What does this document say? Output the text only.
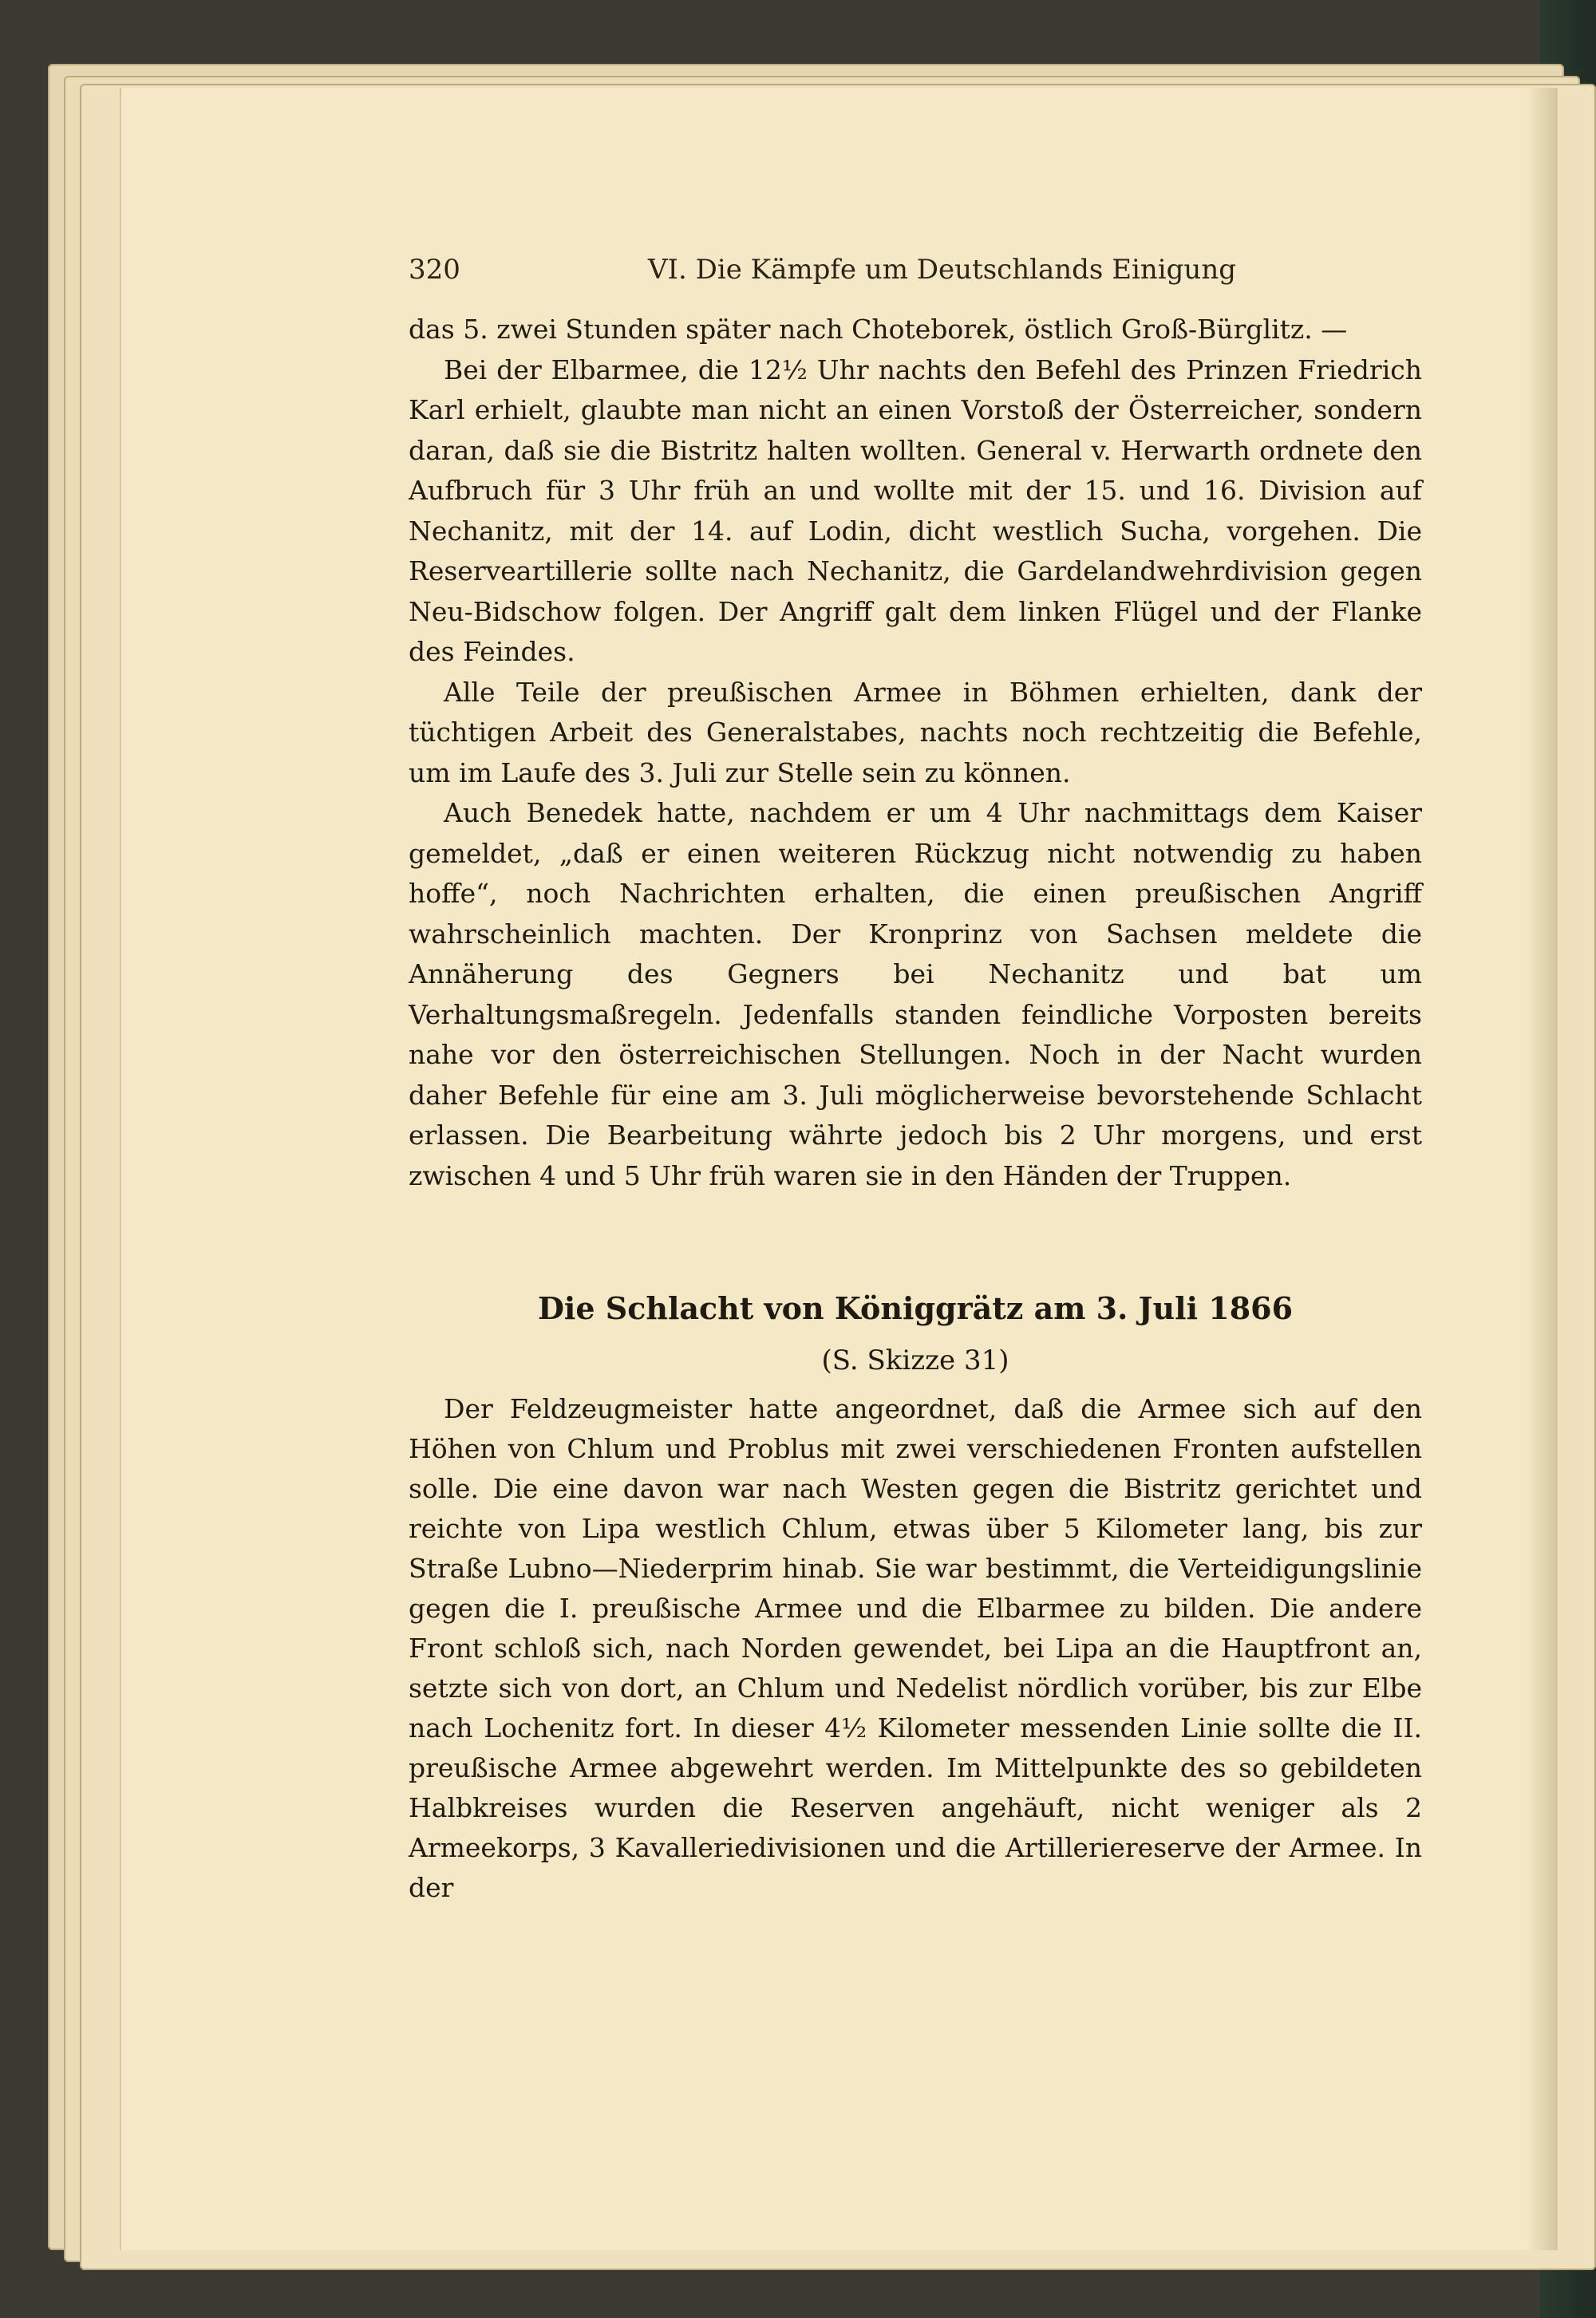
320	VI. Die Kämpfe um Deutschlands Einigung

das 5. zwei Stunden später nach Choteborek, östlich Groß-Bürglitz. —

Bei der Elbarmee, die 12½ Uhr nachts den Befehl des Prinzen Friedrich Karl erhielt, glaubte man nicht an einen Vorstoß der Österreicher, sondern daran, daß sie die Bistritz halten wollten. General v. Herwarth ordnete den Aufbruch für 3 Uhr früh an und wollte mit der 15. und 16. Division auf Nechanitz, mit der 14. auf Lodin, dicht westlich Sucha, vorgehen. Die Reserveartillerie sollte nach Nechanitz, die Gardelandwehrdivision gegen Neu-Bidschow folgen. Der Angriff galt dem linken Flügel und der Flanke des Feindes.

Alle Teile der preußischen Armee in Böhmen erhielten, dank der tüchtigen Arbeit des Generalstabes, nachts noch rechtzeitig die Befehle, um im Laufe des 3. Juli zur Stelle sein zu können.

Auch Benedek hatte, nachdem er um 4 Uhr nachmittags dem Kaiser gemeldet, „daß er einen weiteren Rückzug nicht notwendig zu haben hoffe“, noch Nachrichten erhalten, die einen preußischen Angriff wahrscheinlich machten. Der Kronprinz von Sachsen meldete die Annäherung des Gegners bei Nechanitz und bat um Verhaltungsmaßregeln. Jedenfalls standen feindliche Vorposten bereits nahe vor den österreichischen Stellungen. Noch in der Nacht wurden daher Befehle für eine am 3. Juli möglicherweise bevorstehende Schlacht erlassen. Die Bearbeitung währte jedoch bis 2 Uhr morgens, und erst zwischen 4 und 5 Uhr früh waren sie in den Händen der Truppen.

Die Schlacht von Königgrätz am 3. Juli 1866

(S. Skizze 31)

Der Feldzeugmeister hatte angeordnet, daß die Armee sich auf den Höhen von Chlum und Problus mit zwei verschiedenen Fronten aufstellen solle. Die eine davon war nach Westen gegen die Bistritz gerichtet und reichte von Lipa westlich Chlum, etwas über 5 Kilometer lang, bis zur Straße Lubno—Niederprim hinab. Sie war bestimmt, die Verteidigungslinie gegen die I. preußische Armee und die Elbarmee zu bilden. Die andere Front schloß sich, nach Norden gewendet, bei Lipa an die Hauptfront an, setzte sich von dort, an Chlum und Nedelist nördlich vorüber, bis zur Elbe nach Lochenitz fort. In dieser 4½ Kilometer messenden Linie sollte die II. preußische Armee abgewehrt werden. Im Mittelpunkte des so gebildeten Halbkreises wurden die Reserven angehäuft, nicht weniger als 2 Armeekorps, 3 Kavalleriedivisionen und die Artilleriereserve der Armee. In der
